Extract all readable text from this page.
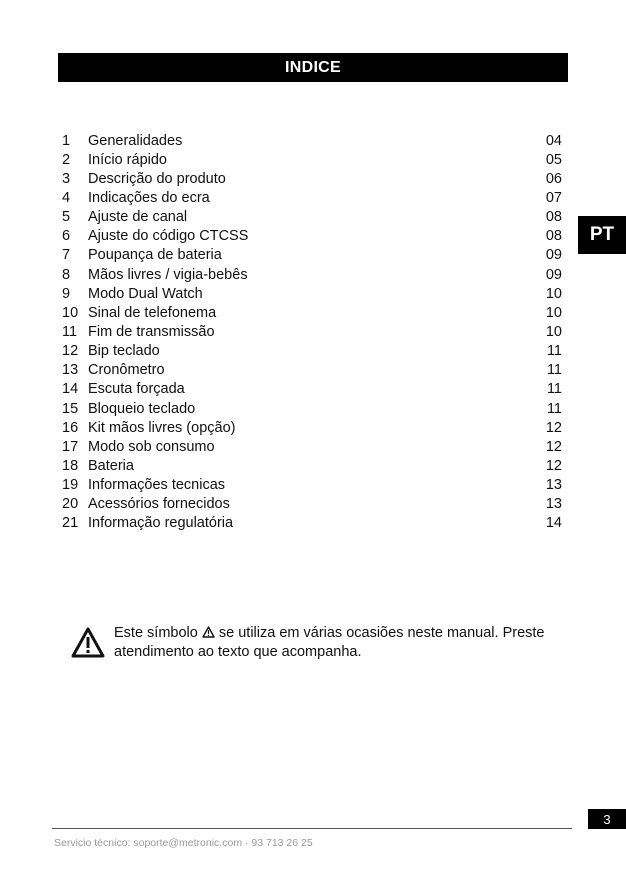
INDICE
PT
1	Generalidades	04
2	Início rápido	05
3	Descrição do produto	06
4	Indicações do ecra	07
5	Ajuste de canal	08
6	Ajuste do código CTCSS	08
7	Poupança de bateria	09
8	Mãos livres / vigia-bebês	09
9	Modo Dual Watch	10
10 Sinal de telefonema	10
11 Fim de transmissão	10
12 Bip teclado	11
13 Cronômetro	11
14 Escuta forçada	11
15 Bloqueio teclado	11
16 Kit mãos livres (opção)	12
17 Modo sob consumo	12
18 Bateria	12
19 Informações tecnicas	13
20 Acessórios fornecidos	13
21 Informação regulatória	14
Este símbolo se utiliza em várias ocasiões neste manual. Preste atendimento ao texto que acompanha.
3
Servicio técnico: soporte@metronic.com · 93 713 26 25
